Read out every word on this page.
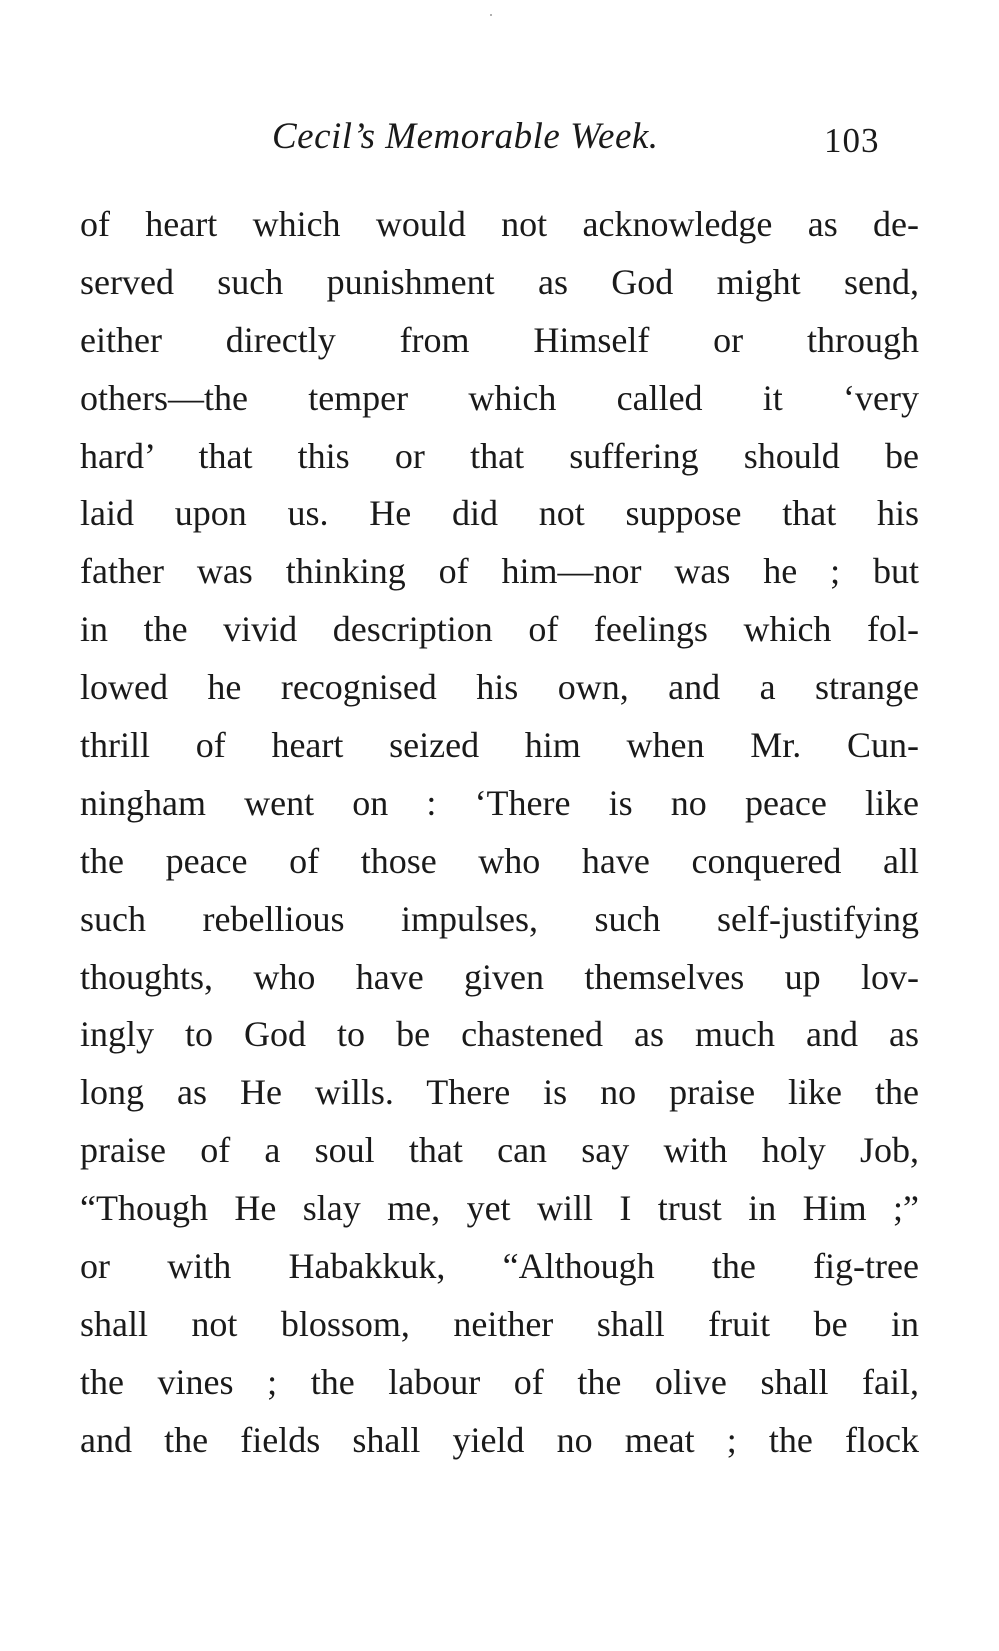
Cecil’s Memorable Week.	103
of heart which would not acknowledge as de-
served such punishment as God might send,
either directly from Himself or through
others—the temper which called it ‘very
hard’ that this or that suffering should be
laid upon us. He did not suppose that his
father was thinking of him—nor was he ; but
in the vivid description of feelings which fol-
lowed he recognised his own, and a strange
thrill of heart seized him when Mr. Cun-
ningham went on : ‘There is no peace like
the peace of those who have conquered all
such rebellious impulses, such self-justifying
thoughts, who have given themselves up lov-
ingly to God to be chastened as much and as
long as He wills. There is no praise like the
praise of a soul that can say with holy Job,
“Though He slay me, yet will I trust in Him ;”
or with Habakkuk, “Although the fig-tree
shall not blossom, neither shall fruit be in
the vines ; the labour of the olive shall fail,
and the fields shall yield no meat ; the flock
